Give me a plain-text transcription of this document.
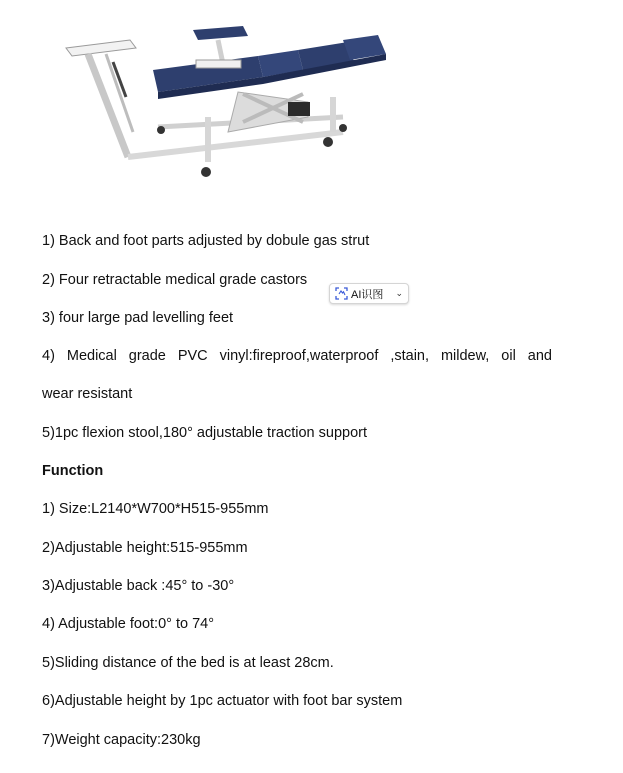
1) Back and foot parts adjusted by dobule gas strut
2) Four retractable medical grade castors
AI识图 ⌄
3) four large pad levelling feet
4) Medical grade PVC vinyl:fireproof,waterproof ,stain, mildew, oil and
wear resistant
5)1pc flexion stool,180° adjustable traction support
Function
1) Size:L2140*W700*H515-955mm
2)Adjustable height:515-955mm
3)Adjustable back :45° to -30°
4) Adjustable foot:0° to 74°
5)Sliding distance of the bed is at least 28cm.
6)Adjustable height by 1pc actuator with foot bar system
7)Weight capacity:230kg
